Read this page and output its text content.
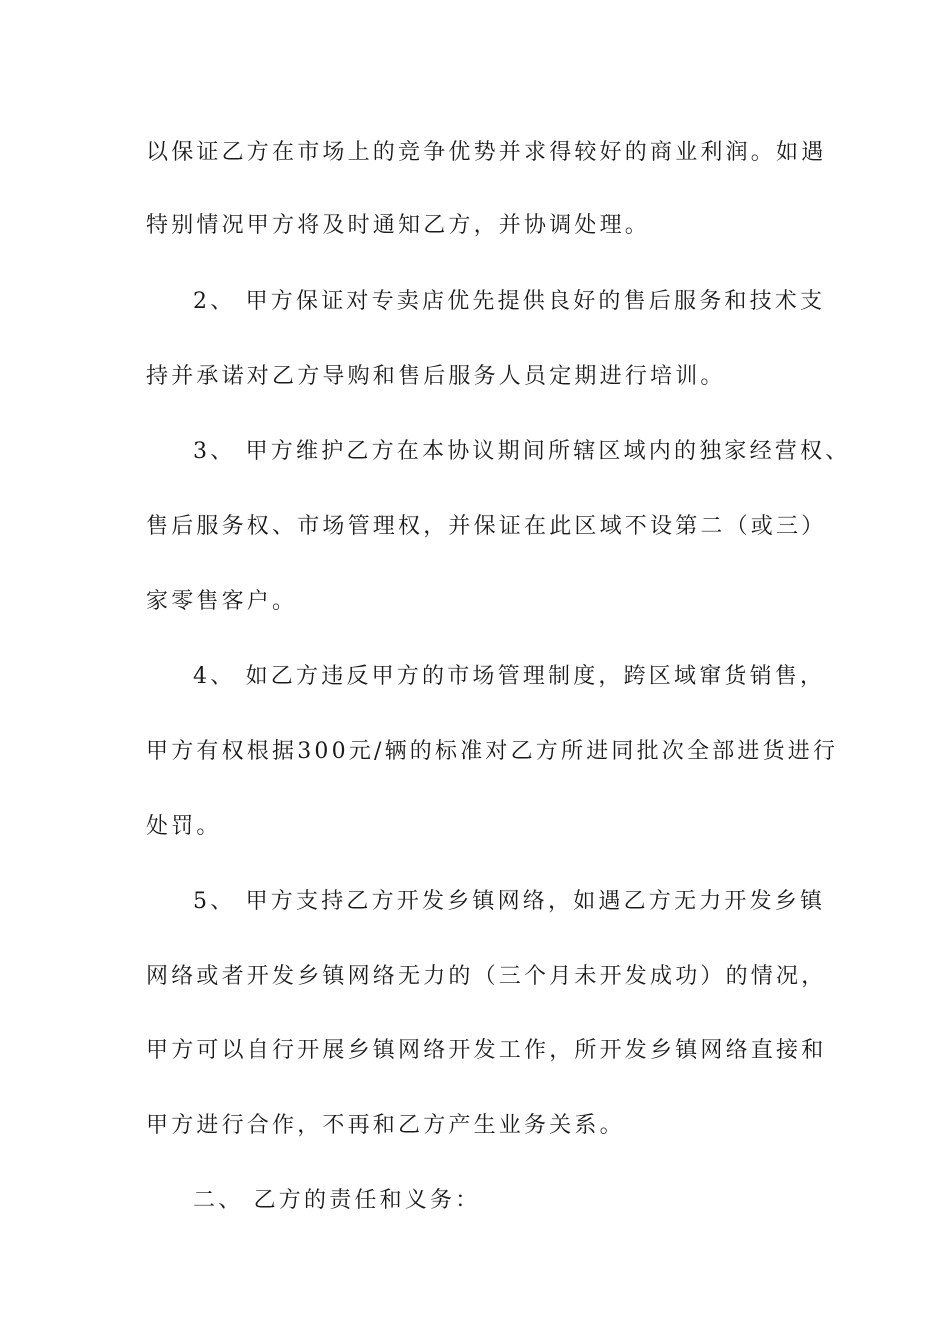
以保证乙方在市场上的竞争优势并求得较好的商业利润。如遇
特别情况甲方将及时通知乙方，并协调处理。
2、 甲方保证对专卖店优先提供良好的售后服务和技术支
持并承诺对乙方导购和售后服务人员定期进行培训。
3、 甲方维护乙方在本协议期间所辖区域内的独家经营权、
售后服务权、市场管理权，并保证在此区域不设第二（或三）
家零售客户。
4、 如乙方违反甲方的市场管理制度，跨区域窜货销售，
甲方有权根据300元/辆的标准对乙方所进同批次全部进货进行
处罚。
5、 甲方支持乙方开发乡镇网络，如遇乙方无力开发乡镇
网络或者开发乡镇网络无力的（三个月未开发成功）的情况，
甲方可以自行开展乡镇网络开发工作，所开发乡镇网络直接和
甲方进行合作，不再和乙方产生业务关系。
二、 乙方的责任和义务：
